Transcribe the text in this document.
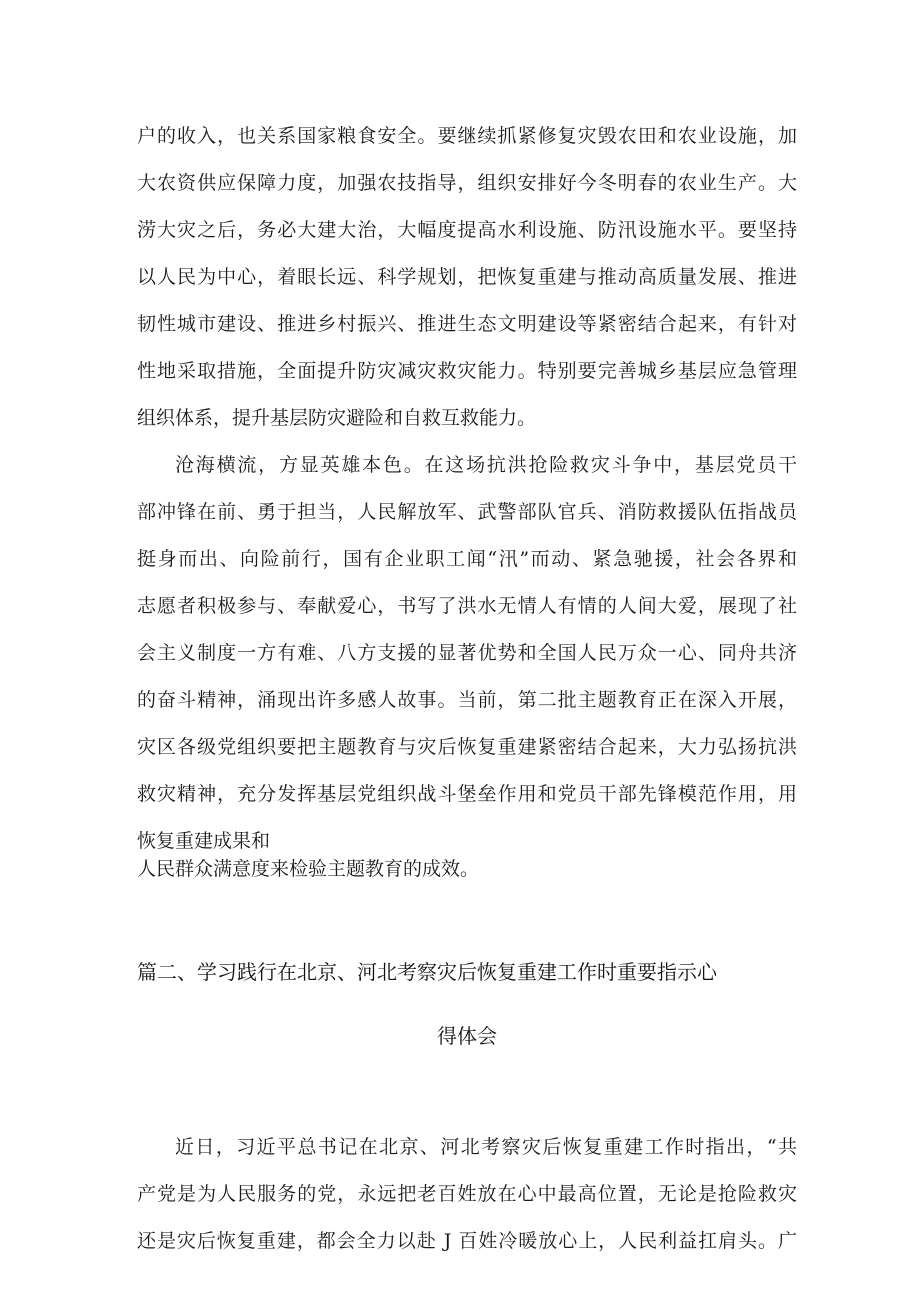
户的收入，也关系国家粮食安全。要继续抓紧修复灾毁农田和农业设施，加
大农资供应保障力度，加强农技指导，组织安排好今冬明春的农业生产。大
涝大灾之后，务必大建大治，大幅度提高水利设施、防汛设施水平。要坚持
以人民为中心，着眼长远、科学规划，把恢复重建与推动高质量发展、推进
韧性城市建设、推进乡村振兴、推进生态文明建设等紧密结合起来，有针对
性地采取措施，全面提升防灾减灾救灾能力。特别要完善城乡基层应急管理
组织体系，提升基层防灾避险和自救互救能力。
沧海横流，方显英雄本色。在这场抗洪抢险救灾斗争中，基层党员干
部冲锋在前、勇于担当，人民解放军、武警部队官兵、消防救援队伍指战员
挺身而出、向险前行，国有企业职工闻“汛”而动、紧急驰援，社会各界和
志愿者积极参与、奉献爱心，书写了洪水无情人有情的人间大爱，展现了社
会主义制度一方有难、八方支援的显著优势和全国人民万众一心、同舟共济
的奋斗精神，涌现出许多感人故事。当前，第二批主题教育正在深入开展，
灾区各级党组织要把主题教育与灾后恢复重建紧密结合起来，大力弘扬抗洪
救灾精神，充分发挥基层党组织战斗堡垒作用和党员干部先锋模范作用，用
恢复重建成果和
人民群众满意度来检验主题教育的成效。
篇二、学习践行在北京、河北考察灾后恢复重建工作时重要指示心
得体会
近日，习近平总书记在北京、河北考察灾后恢复重建工作时指出，“共
产党是为人民服务的党，永远把老百姓放在心中最高位置，无论是抢险救灾
还是灾后恢复重建，都会全力以赴 J 百姓冷暖放心上，人民利益扛肩头。广
